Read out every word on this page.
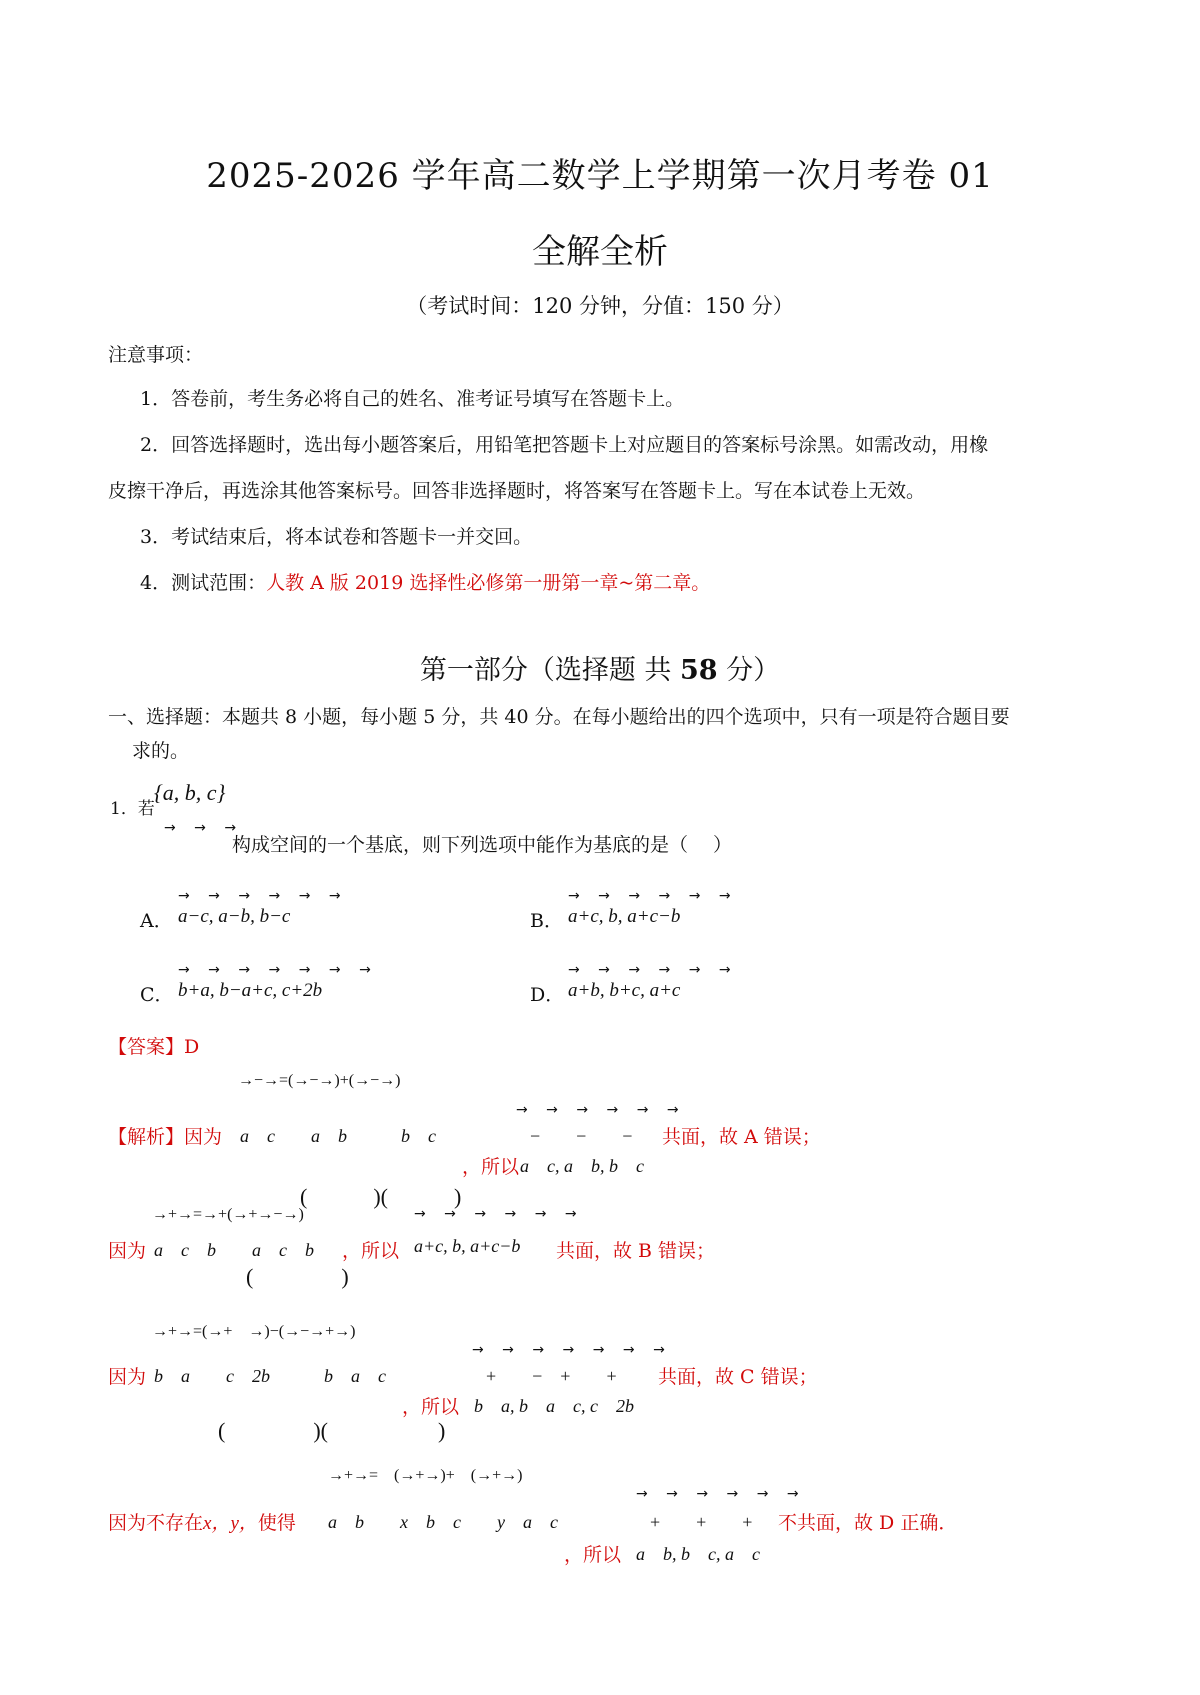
2025-2026 学年高二数学上学期第一次月考卷 01
全解全析
（考试时间：120 分钟，分值：150 分）
注意事项：
1．答卷前，考生务必将自己的姓名、准考证号填写在答题卡上。
2．回答选择题时，选出每小题答案后，用铅笔把答题卡上对应题目的答案标号涂黑。如需改动，用橡
皮擦干净后，再选涂其他答案标号。回答非选择题时，将答案写在答题卡上。写在本试卷上无效。
3．考试结束后，将本试卷和答题卡一并交回。
4．测试范围：人教 A 版 2019 选择性必修第一册第一章~第二章。
第一部分（选择题 共 58 分）
一、选择题：本题共 8 小题，每小题 5 分，共 40 分。在每小题给出的四个选项中，只有一项是符合题目要
求的。
1．若
{a, b, c}
→ → →
构成空间的一个基底，则下列选项中能作为基底的是（　 ）
→ → → → → →
A． a−c, a−b, b−c
→ → → → → →
B． a+c, b, a+c−b
→ → → → → → →
C． b+a, b−a+c, c+2b
→ → → → → →
D． a+b, b+c, a+c
【答案】D
→−→=(→−→)+(→−→)
【解析】因为 a　c　　a　b　　　b　c
→ → → → → →
−　　−　　− 共面，故 A 错误；
，所以 a　c, a　b, b　c
(　　　)(　　　)
→+→=→+(→+→−→)	→ → → → → →
因为 a　c　b　　a　c　b ，所以 a+c, b, a+c−b 共面，故 B 错误；
(　　　　)
→+→=(→+　→)−(→−→+→)
→ → → → → → →
因为 b　a　　c　2b　　　b　a　c	+　　−　+　　+ 共面，故 C 错误；
，所以 b　a, b　a　c, c　2b
(　　　　)(　　　　　)
→+→=　(→+→)+　(→+→)
→ → → → → →
因为不存在x，y，使得 a　b　　x　b　c　　y　a　c	+　　+　　+ 不共面，故 D 正确．
，所以 a　b, b　c, a　c
